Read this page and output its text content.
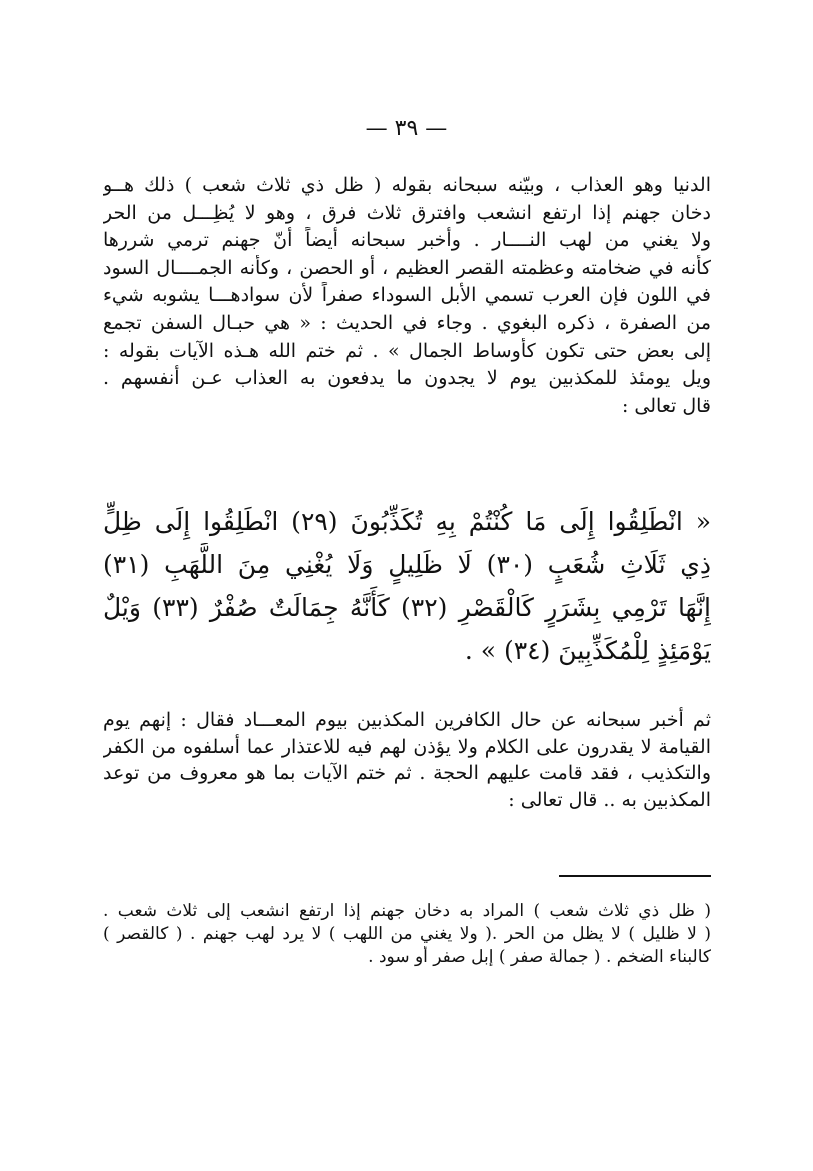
— ٣٩ —
الدنيا وهو العذاب ، وبيّنه سبحانه بقوله ( ظل ذي ثلاث شعب ) ذلك هــو
دخان جهنم إذا ارتفع انشعب وافترق ثلاث فرق ، وهو لا يُظِـــل من الحر
ولا يغني من لهب النــــار . وأخبر سبحانه أيضاً أنّ جهنم ترمي شررها
كأنه في ضخامته وعظمته القصر العظيم ، أو الحصن ، وكأنه الجمــــال السود
في اللون فإن العرب تسمي الأبل السوداء صفراً لأن سوادهـــا يشوبه شيء
من الصفرة ، ذكره البغوي . وجاء في الحديث : « هي حبـال السفن تجمع
إلى بعض حتى تكون كأوساط الجمال » . ثم ختم الله هـذه الآيات بقوله :
ويل يومئذ للمكذبين يوم لا يجدون ما يدفعون به العذاب عـن أنفسهم .
قال تعالى :
« انْطَلِقُوا إِلَى مَا كُنْتُمْ بِهِ تُكَذِّبُونَ (٢٩) انْطَلِقُوا إِلَى ظِلٍّ
ذِي ثَلَاثِ شُعَبٍ (٣٠) لَا ظَلِيلٍ وَلَا يُغْنِي مِنَ اللَّهَبِ (٣١)
إِنَّهَا تَرْمِي بِشَرَرٍ كَالْقَصْرِ (٣٢) كَأَنَّهُ جِمَالَتٌ صُفْرٌ (٣٣) وَيْلٌ
يَوْمَئِذٍ لِلْمُكَذِّبِينَ (٣٤) » .
ثم أخبر سبحانه عن حال الكافرين المكذبين بيوم المعـــاد فقال : إنهم يوم
القيامة لا يقدرون على الكلام ولا يؤذن لهم فيه للاعتذار عما أسلفوه من الكفر
والتكذيب ، فقد قامت عليهم الحجة . ثم ختم الآيات بما هو معروف من توعد
المكذبين به .. قال تعالى :
( ظل ذي ثلاث شعب ) المراد به دخان جهنم إذا ارتفع انشعب إلى ثلاث شعب .
( لا ظليل ) لا يظل من الحر .( ولا يغني من اللهب ) لا يرد لهب جهنم . ( كالقصر )
كالبناء الضخم . ( جمالة صفر ) إبل صفر أو سود .
